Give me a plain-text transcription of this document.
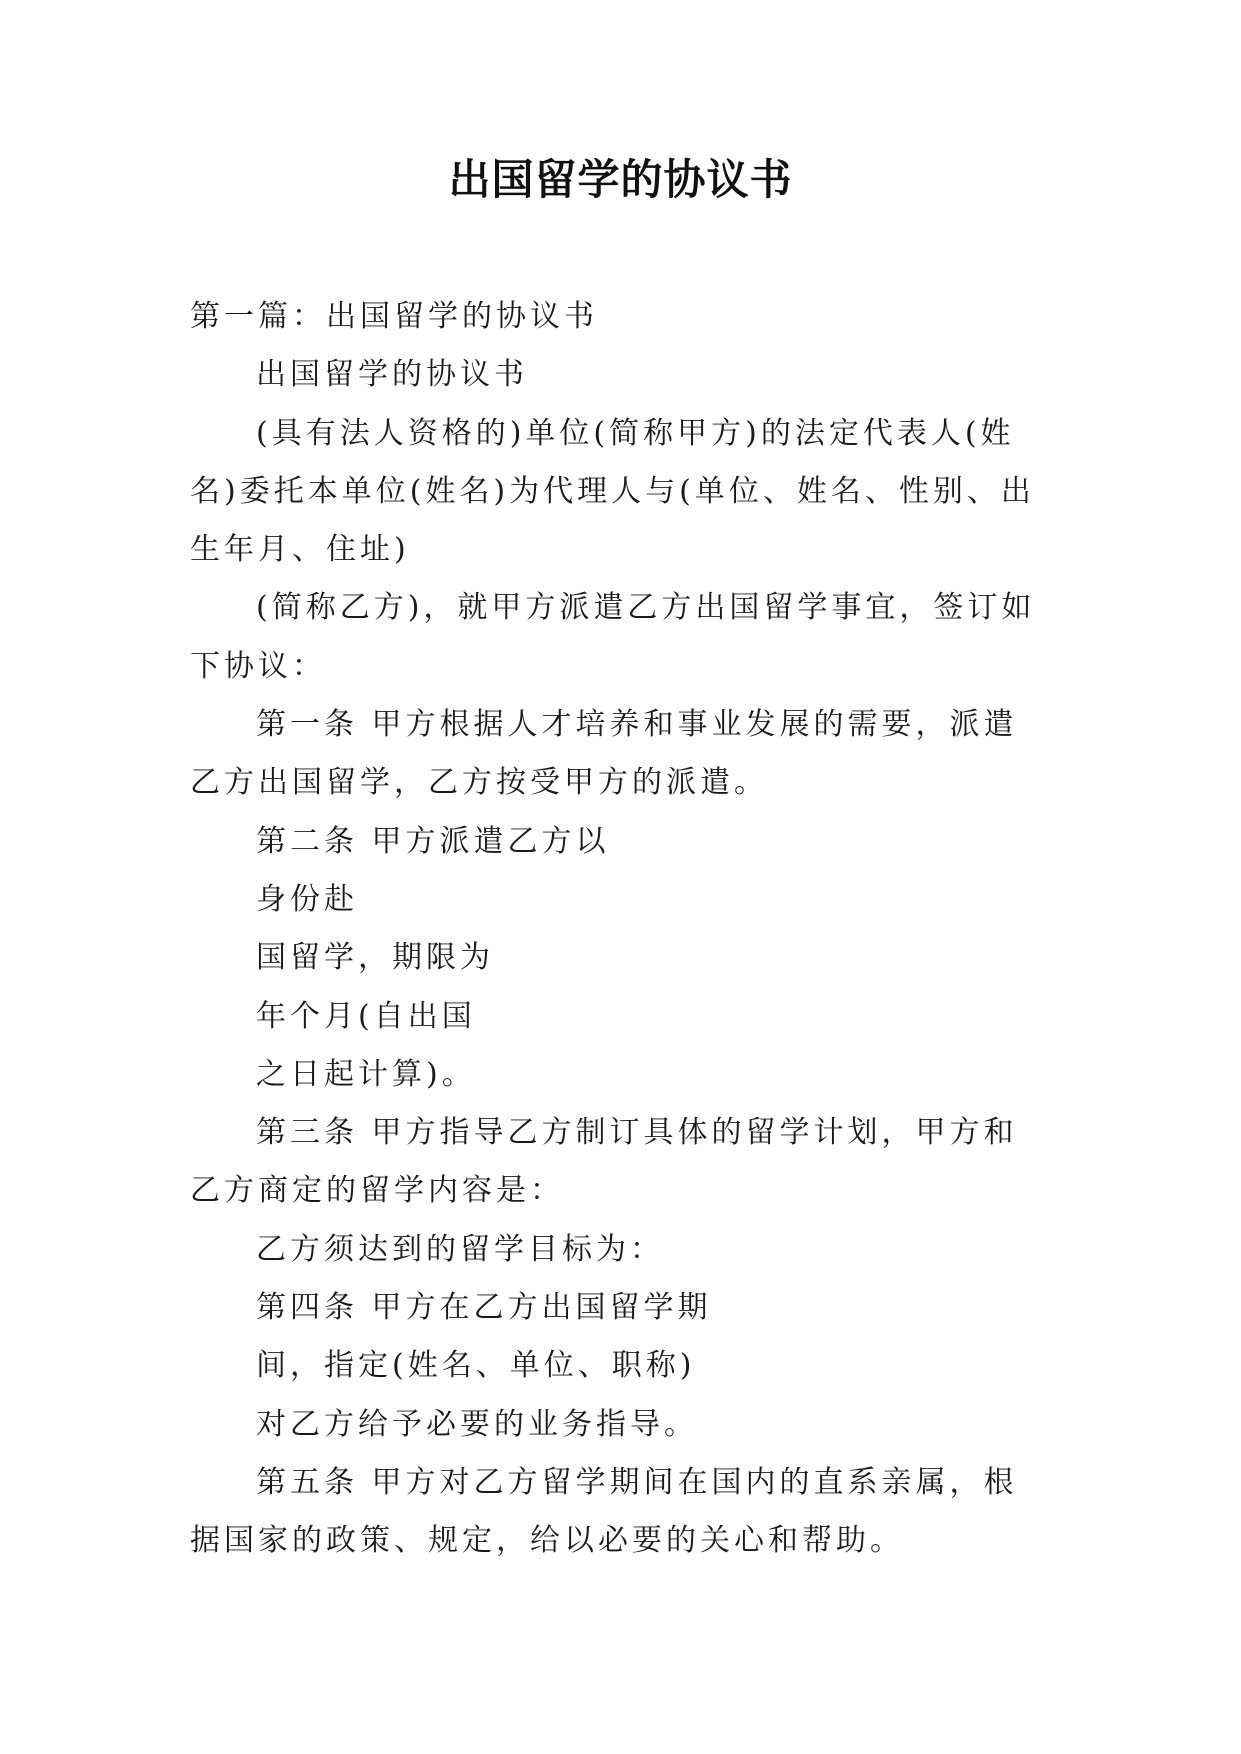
出国留学的协议书

第一篇：出国留学的协议书

出国留学的协议书

(具有法人资格的)单位(简称甲方)的法定代表人(姓名)委托本单位(姓名)为代理人与(单位、姓名、性别、出生年月、住址)

(简称乙方)，就甲方派遣乙方出国留学事宜，签订如下协议：

第一条 甲方根据人才培养和事业发展的需要，派遣乙方出国留学，乙方按受甲方的派遣。

第二条 甲方派遣乙方以

身份赴

国留学，期限为

年个月(自出国

之日起计算)。

第三条 甲方指导乙方制订具体的留学计划，甲方和乙方商定的留学内容是：

乙方须达到的留学目标为：

第四条 甲方在乙方出国留学期

间，指定(姓名、单位、职称)

对乙方给予必要的业务指导。

第五条 甲方对乙方留学期间在国内的直系亲属，根据国家的政策、规定，给以必要的关心和帮助。
